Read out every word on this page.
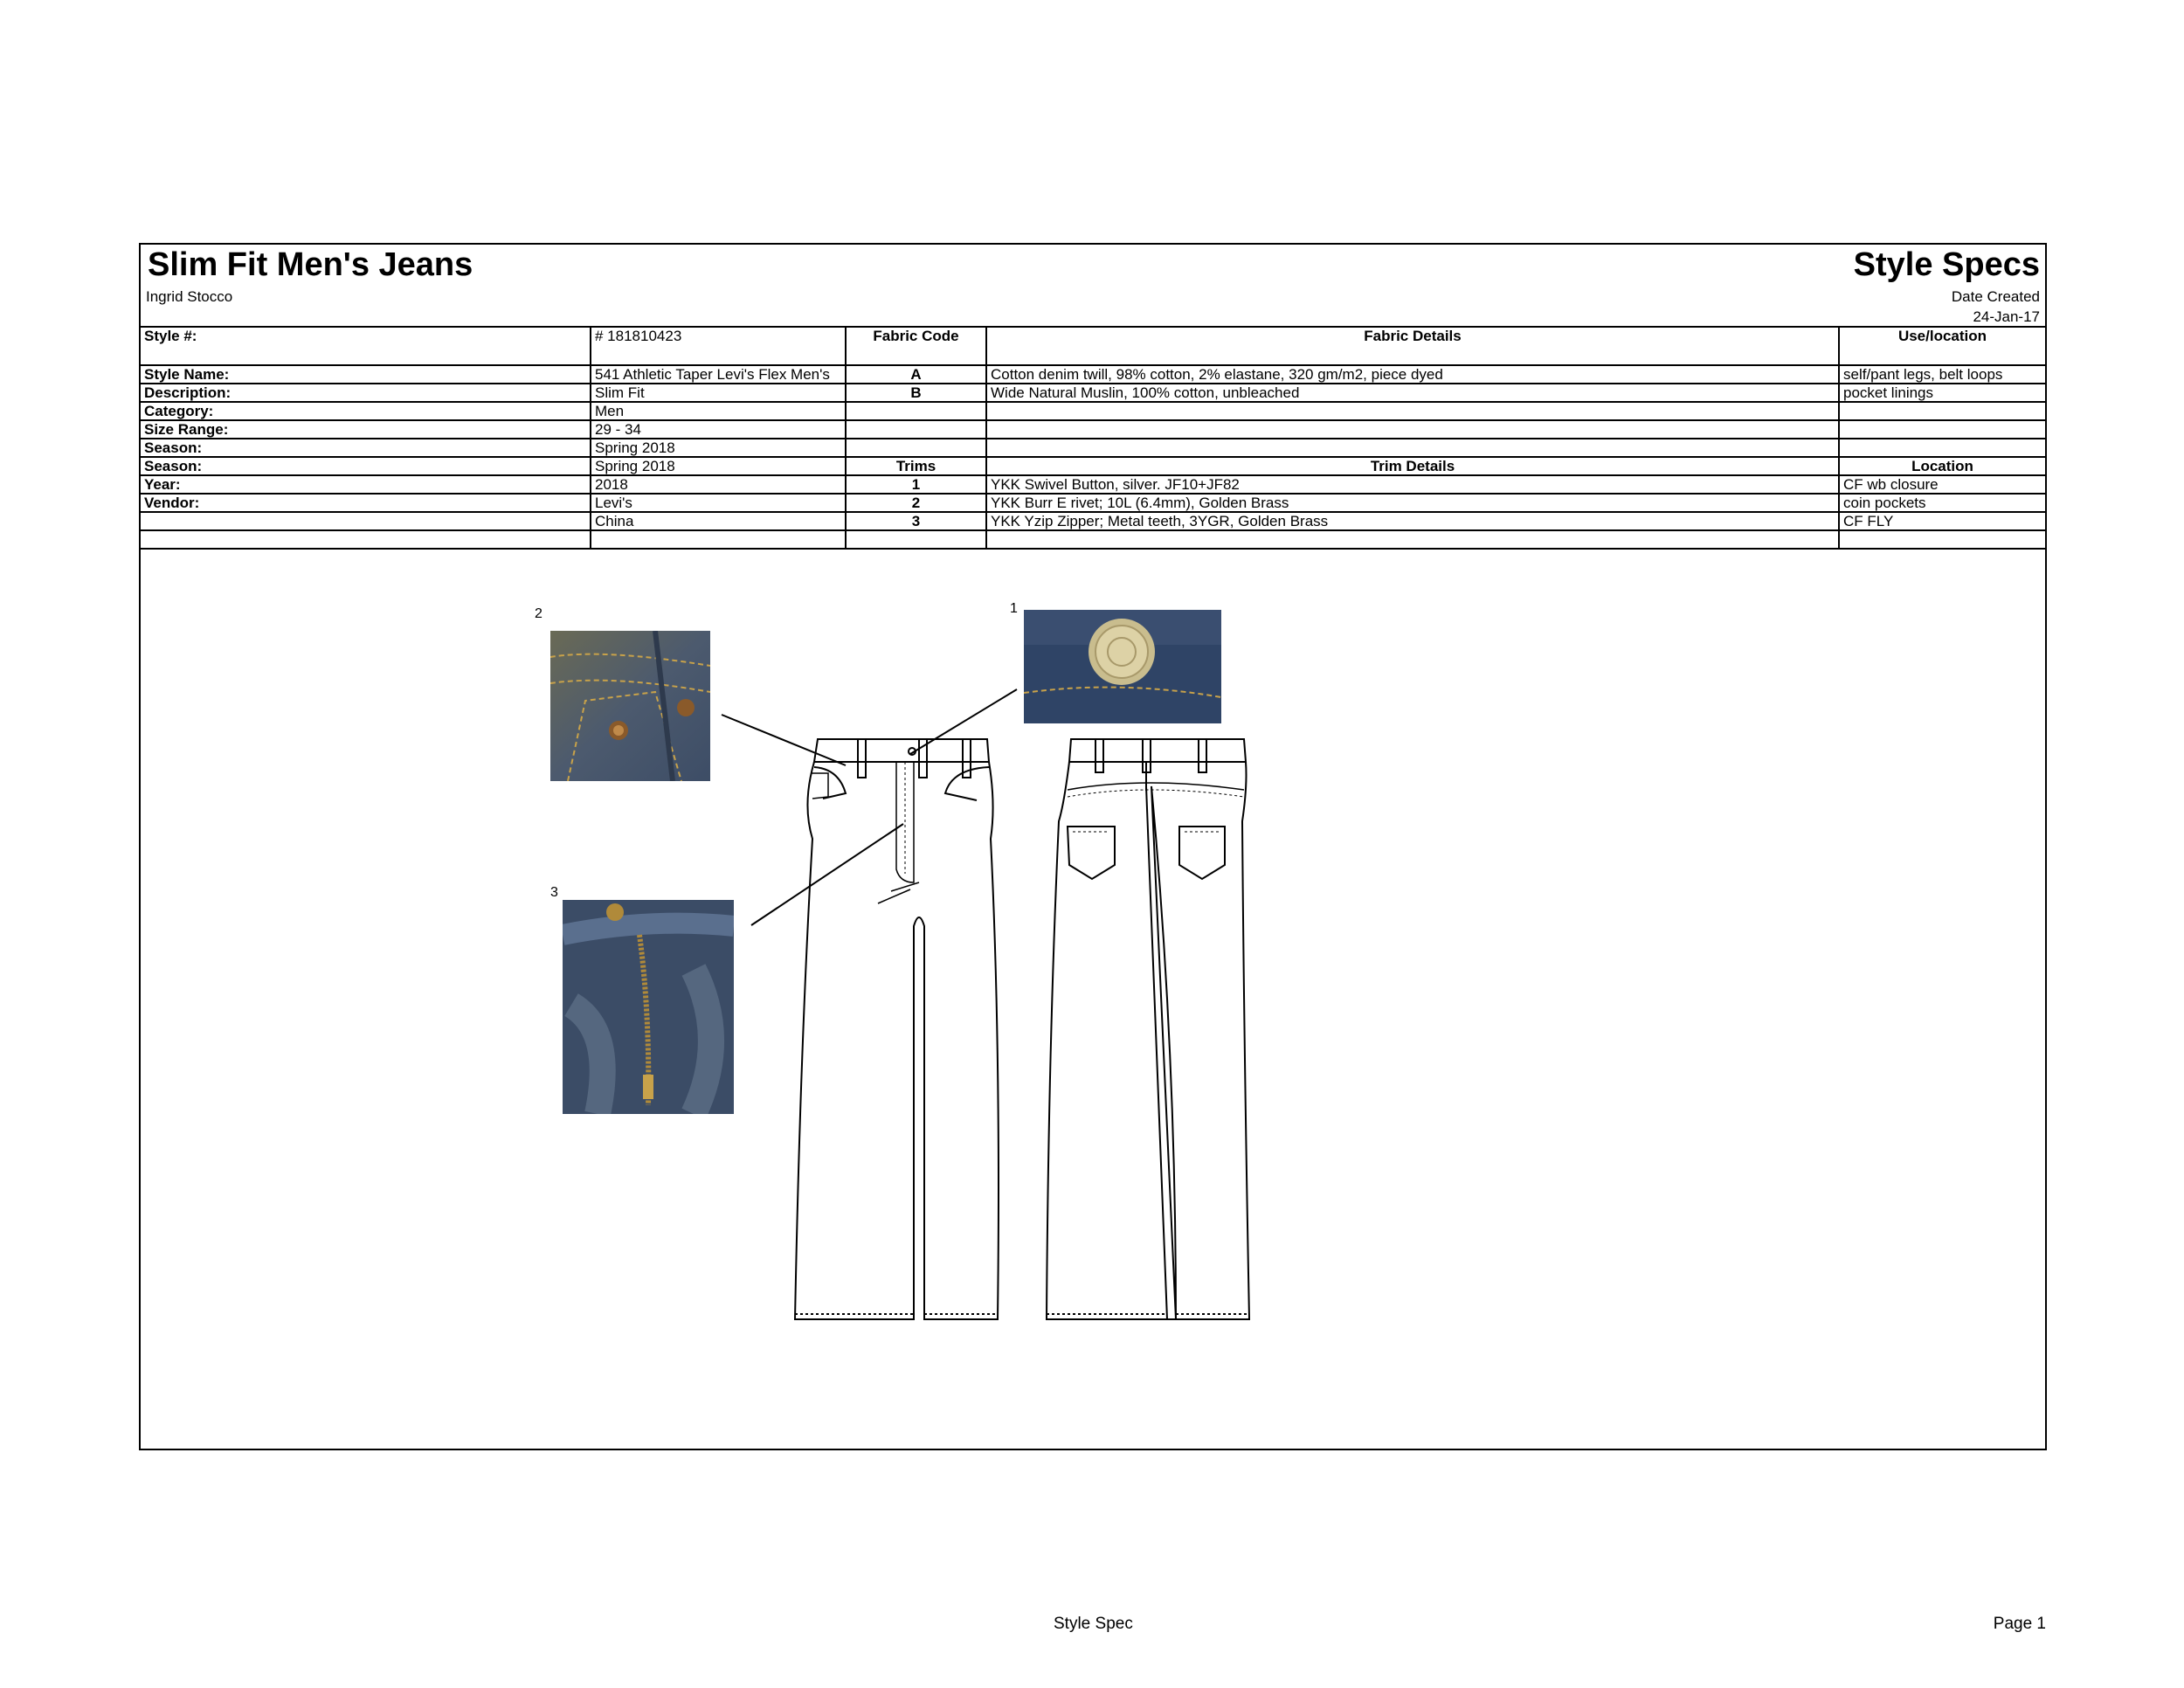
Slim Fit Men's Jeans	Style Specs
Ingrid Stocco	Date Created
24-Jan-17
Style #:	# 181810423	Fabric Code	Fabric Details	Use/location
Style Name:	541 Athletic Taper Levi's Flex Men's	A	Cotton denim twill, 98% cotton, 2% elastane, 320 gm/m2, piece dyed	self/pant legs, belt loops
Description:	Slim Fit	B	Wide Natural Muslin, 100% cotton, unbleached	pocket linings
Category:	Men			
Size Range:	29 - 34			
Season:	Spring 2018			
Season:	Spring 2018	Trims	Trim Details	Location
Year:	2018	1	YKK Swivel Button, silver. JF10+JF82	CF wb closure
Vendor:	Levi's	2	YKK Burr E rivet; 10L (6.4mm), Golden Brass	coin pockets
	China	3	YKK Yzip Zipper; Metal teeth, 3YGR, Golden Brass	CF FLY

2	1
3
Style Spec	Page 1
